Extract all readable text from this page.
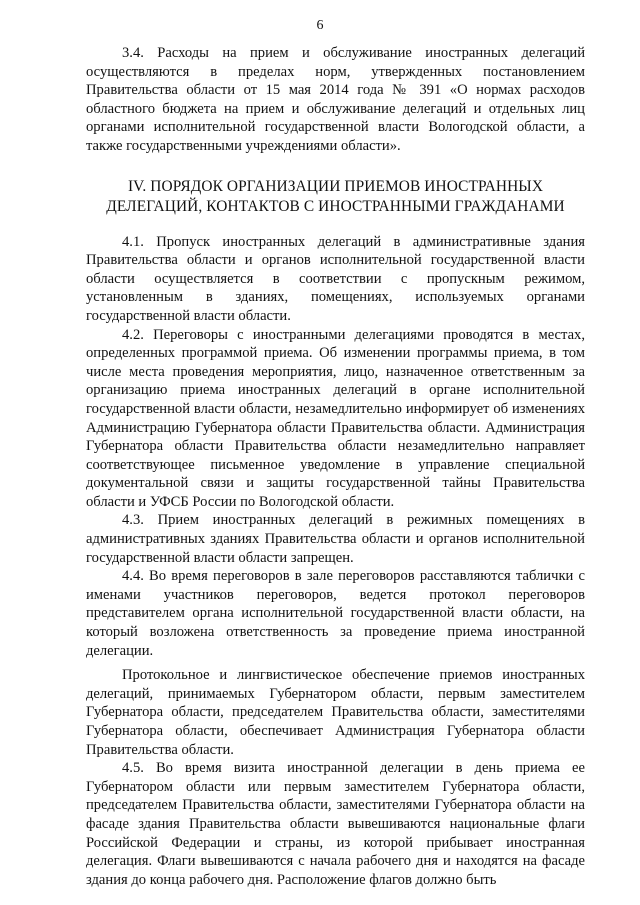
6

3.4. Расходы на прием и обслуживание иностранных делегаций осуществляются в пределах норм, утвержденных постановлением Правительства области от 15 мая 2014 года № 391 «О нормах расходов областного бюджета на прием и обслуживание делегаций и отдельных лиц органами исполнительной государственной власти Вологодской области, а также государственными учреждениями области».

IV. ПОРЯДОК ОРГАНИЗАЦИИ ПРИЕМОВ ИНОСТРАННЫХ
ДЕЛЕГАЦИЙ, КОНТАКТОВ С ИНОСТРАННЫМИ ГРАЖДАНАМИ

4.1. Пропуск иностранных делегаций в административные здания Правительства области и органов исполнительной государственной власти области осуществляется в соответствии с пропускным режимом, установленным в зданиях, помещениях, используемых органами государственной власти области.

4.2. Переговоры с иностранными делегациями проводятся в местах, определенных программой приема. Об изменении программы приема, в том числе места проведения мероприятия, лицо, назначенное ответственным за организацию приема иностранных делегаций в органе исполнительной государственной власти области, незамедлительно информирует об изменениях Администрацию Губернатора области Правительства области. Администрация Губернатора области Правительства области незамедлительно направляет соответствующее письменное уведомление в управление специальной документальной связи и защиты государственной тайны Правительства области и УФСБ России по Вологодской области.

4.3. Прием иностранных делегаций в режимных помещениях в административных зданиях Правительства области и органов исполнительной государственной власти области запрещен.

4.4. Во время переговоров в зале переговоров расставляются таблички с именами участников переговоров, ведется протокол переговоров представителем органа исполнительной государственной власти области, на который возложена ответственность за проведение приема иностранной делегации.

Протокольное и лингвистическое обеспечение приемов иностранных делегаций, принимаемых Губернатором области, первым заместителем Губернатора области, председателем Правительства области, заместителями Губернатора области, обеспечивает Администрация Губернатора области Правительства области.

4.5. Во время визита иностранной делегации в день приема ее Губернатором области или первым заместителем Губернатора области, председателем Правительства области, заместителями Губернатора области на фасаде здания Правительства области вывешиваются национальные флаги Российской Федерации и страны, из которой прибывает иностранная делегация. Флаги вывешиваются с начала рабочего дня и находятся на фасаде здания до конца рабочего дня. Расположение флагов должно быть
